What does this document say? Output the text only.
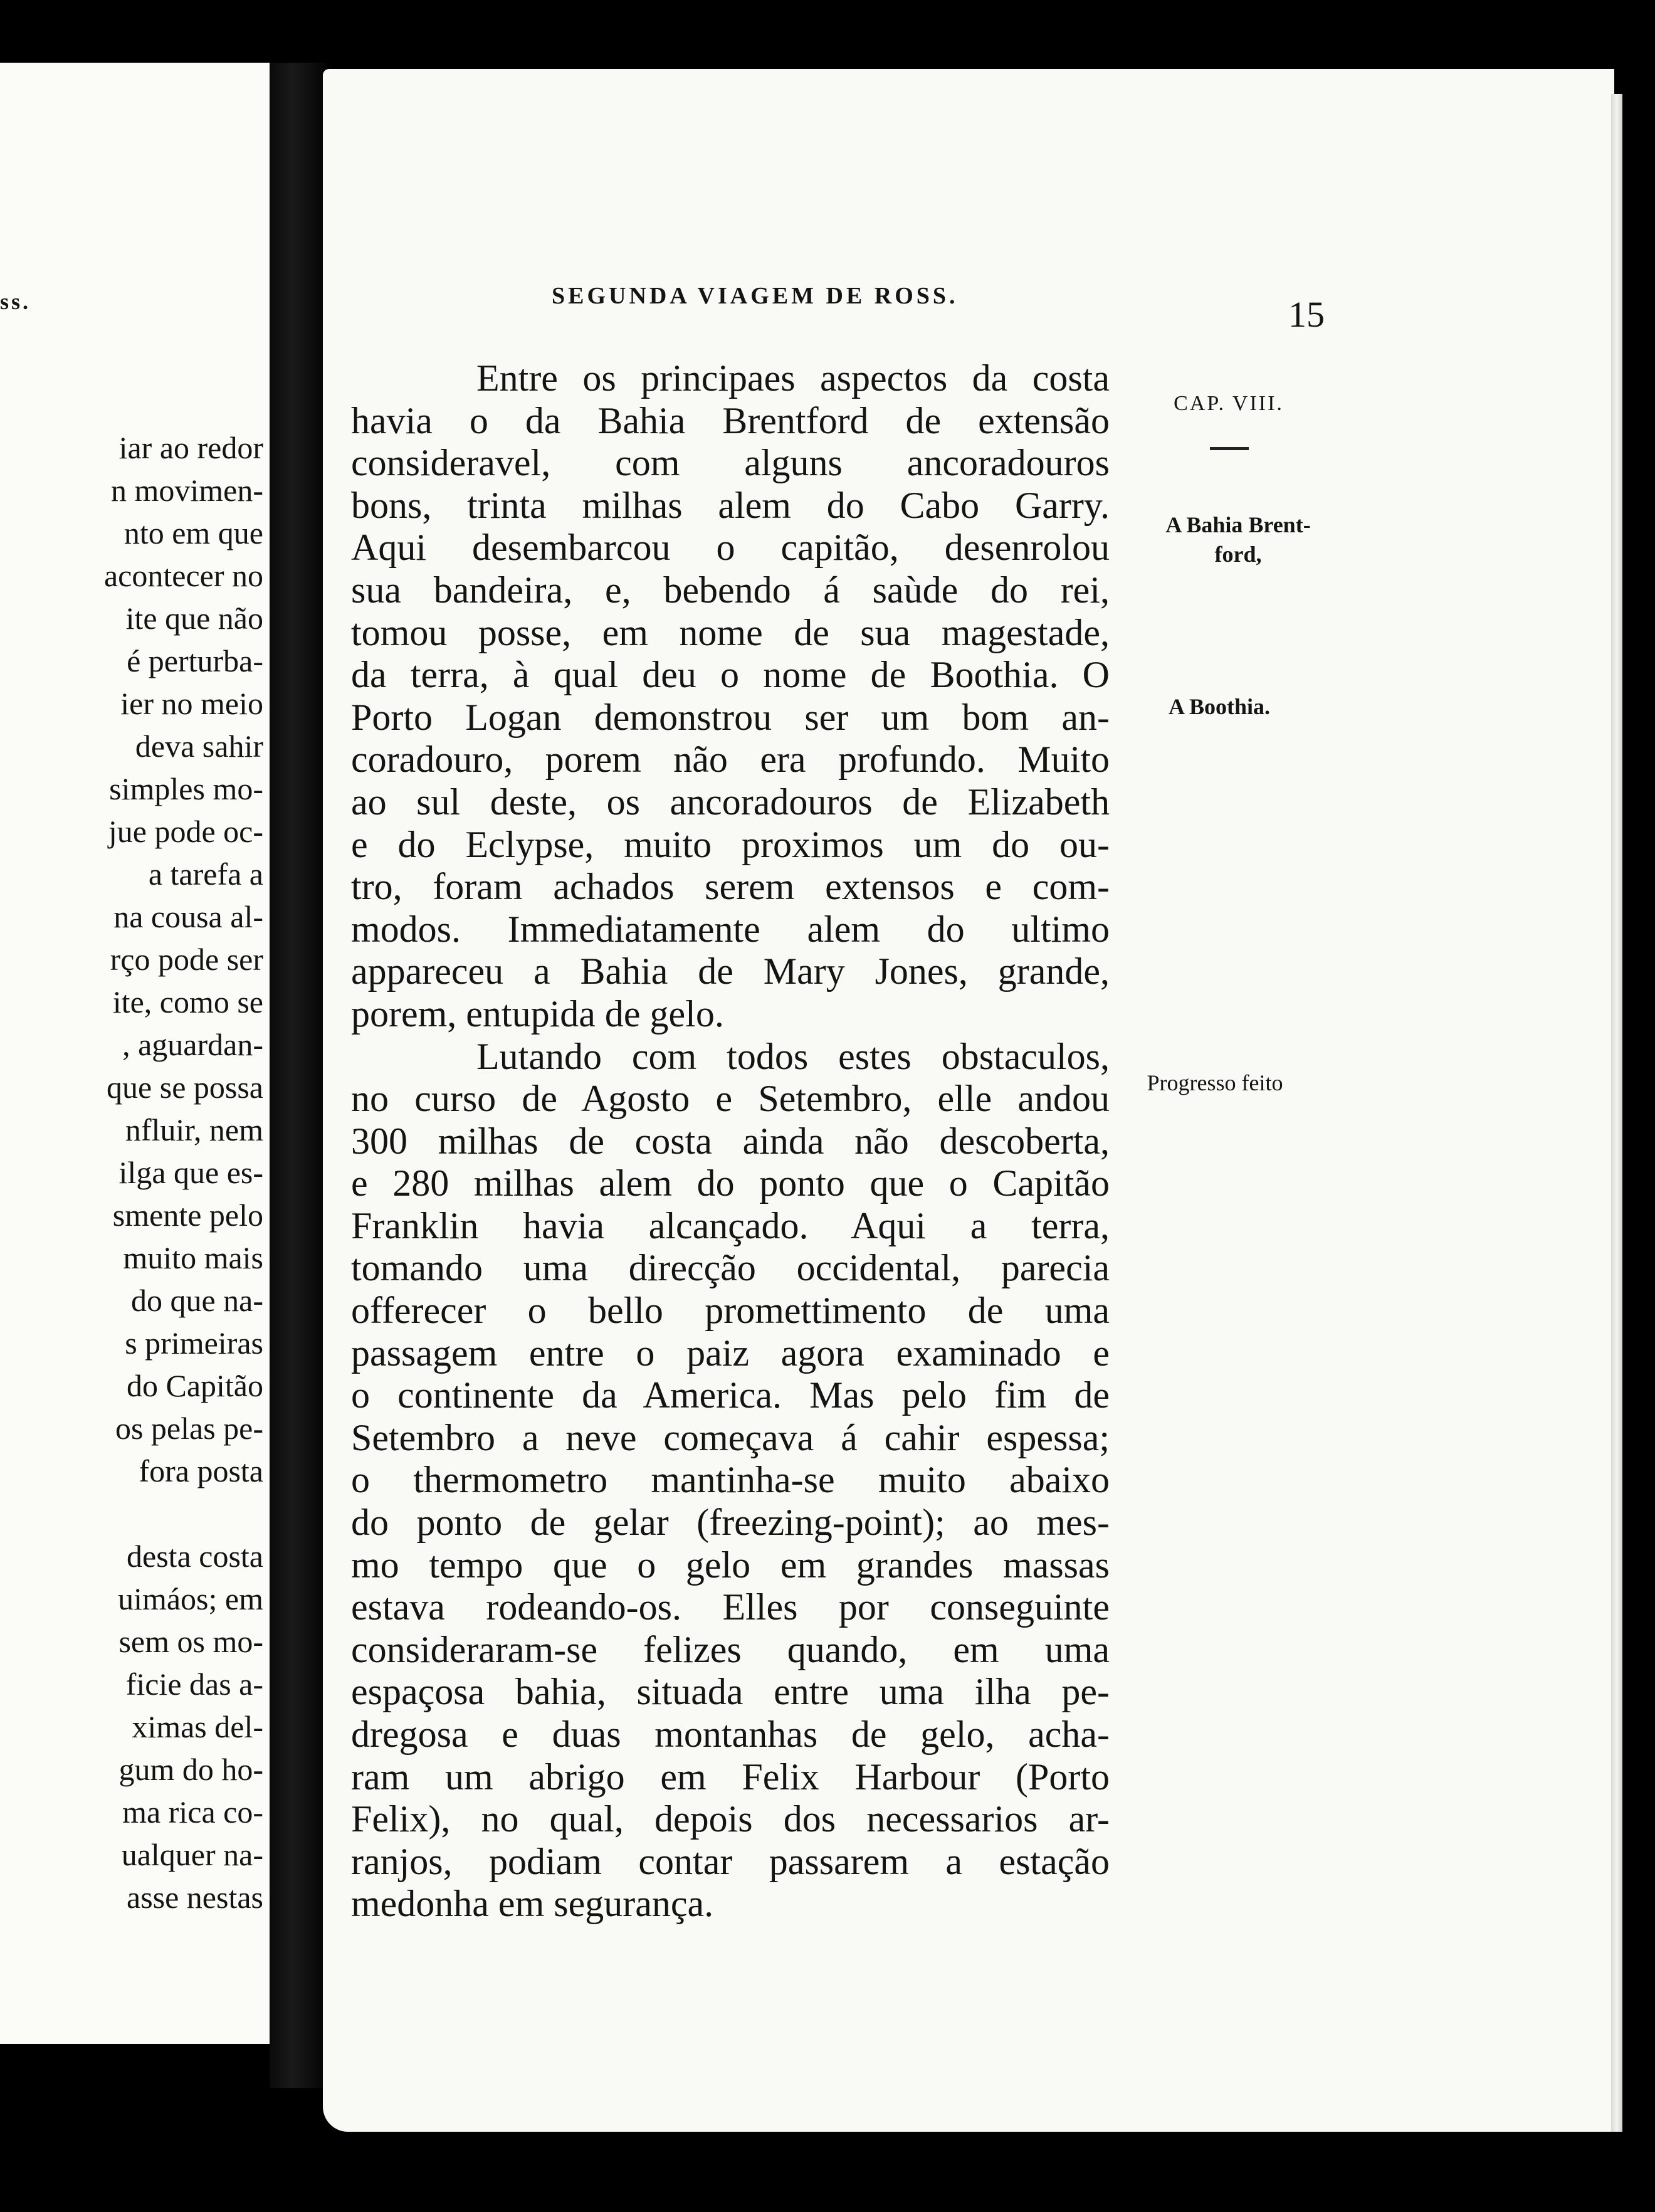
ss.
iar ao redor
n movimen-
nto em que
acontecer no
ite que não
é perturba-
ier no meio
deva sahir
simples mo-
jue pode oc-
a tarefa a
na cousa al-
rço pode ser
ite, como se
, aguardan-
que se possa
nfluir, nem
ilga que es-
smente pelo
muito mais
do que na-
s primeiras
do Capitão
os pelas pe-
fora posta
desta costa
uimáos; em
sem os mo-
ficie das a-
ximas del-
gum do ho-
ma rica co-
ualquer na-
asse nestas
SEGUNDA VIAGEM DE ROSS.	15
Entre os principaes aspectos da costa
havia o da Bahia Brentford de extensão
consideravel, com alguns ancoradouros
bons, trinta milhas alem do Cabo Garry.
Aqui desembarcou o capitão, desenrolou
sua bandeira, e, bebendo á saùde do rei,
tomou posse, em nome de sua magestade,
da terra, à qual deu o nome de Boothia. O
Porto Logan demonstrou ser um bom an-
coradouro, porem não era profundo. Muito
ao sul deste, os ancoradouros de Elizabeth
e do Eclypse, muito proximos um do ou-
tro, foram achados serem extensos e com-
modos. Immediatamente alem do ultimo
appareceu a Bahia de Mary Jones, grande,
porem, entupida de gelo.
Lutando com todos estes obstaculos,
no curso de Agosto e Setembro, elle andou
300 milhas de costa ainda não descoberta,
e 280 milhas alem do ponto que o Capitão
Franklin havia alcançado. Aqui a terra,
tomando uma direcção occidental, parecia
offerecer o bello promettimento de uma
passagem entre o paiz agora examinado e
o continente da America. Mas pelo fim de
Setembro a neve começava á cahir espessa;
o thermometro mantinha-se muito abaixo
do ponto de gelar (freezing-point); ao mes-
mo tempo que o gelo em grandes massas
estava rodeando-os. Elles por conseguinte
consideraram-se felizes quando, em uma
espaçosa bahia, situada entre uma ilha pe-
dregosa e duas montanhas de gelo, acha-
ram um abrigo em Felix Harbour (Porto
Felix), no qual, depois dos necessarios ar-
ranjos, podiam contar passarem a estação
medonha em segurança.
CAP. VIII.
A Bahia Brent-
ford,
A Boothia.
Progresso feito
